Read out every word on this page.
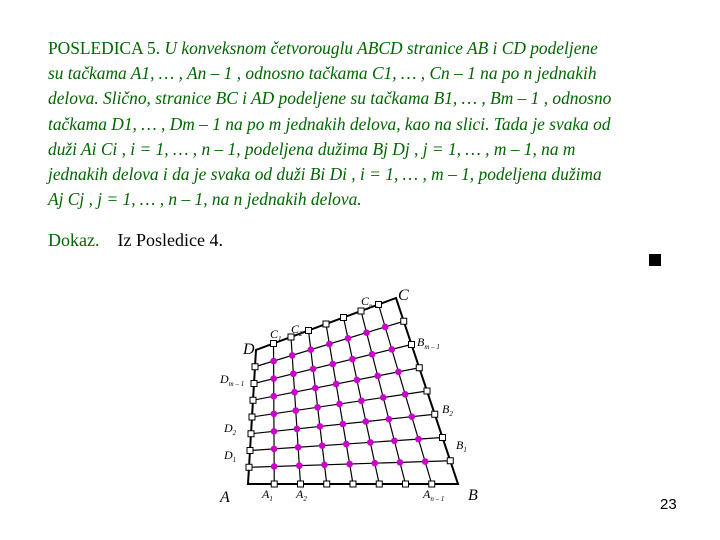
POSLEDICA 5. U konveksnom četvorouglu ABCD stranice AB i CD podeljene
su tačkama A1, … , An – 1 , odnosno tačkama C1, … , Cn – 1 na po n jednakih
delova. Slično, stranice BC i AD podeljene su tačkama B1, … , Bm – 1 , odnosno
tačkama D1, … , Dm – 1 na po m jednakih delova, kao na slici. Tada je svaka od
duži Ai Ci , i = 1, … , n – 1, podeljena dužima Bj Dj , j = 1, … , m – 1, na m
jednakih delova i da je svaka od duži Bi Di , i = 1, … , m – 1, podeljena dužima
Aj Cj , j = 1, … , n – 1, na n jednakih delova.

Dokaz. Iz Posledice 4.
A	B
C
D
$A_1$ $A_2$	$A_{n - 1}$
$B_1$
$B_2$
$B_{m - 1}$
$C_1$
$C_2$
$C_{n - 1}$
$D_1$
$D_2$
$D_{m - 1}$
23
